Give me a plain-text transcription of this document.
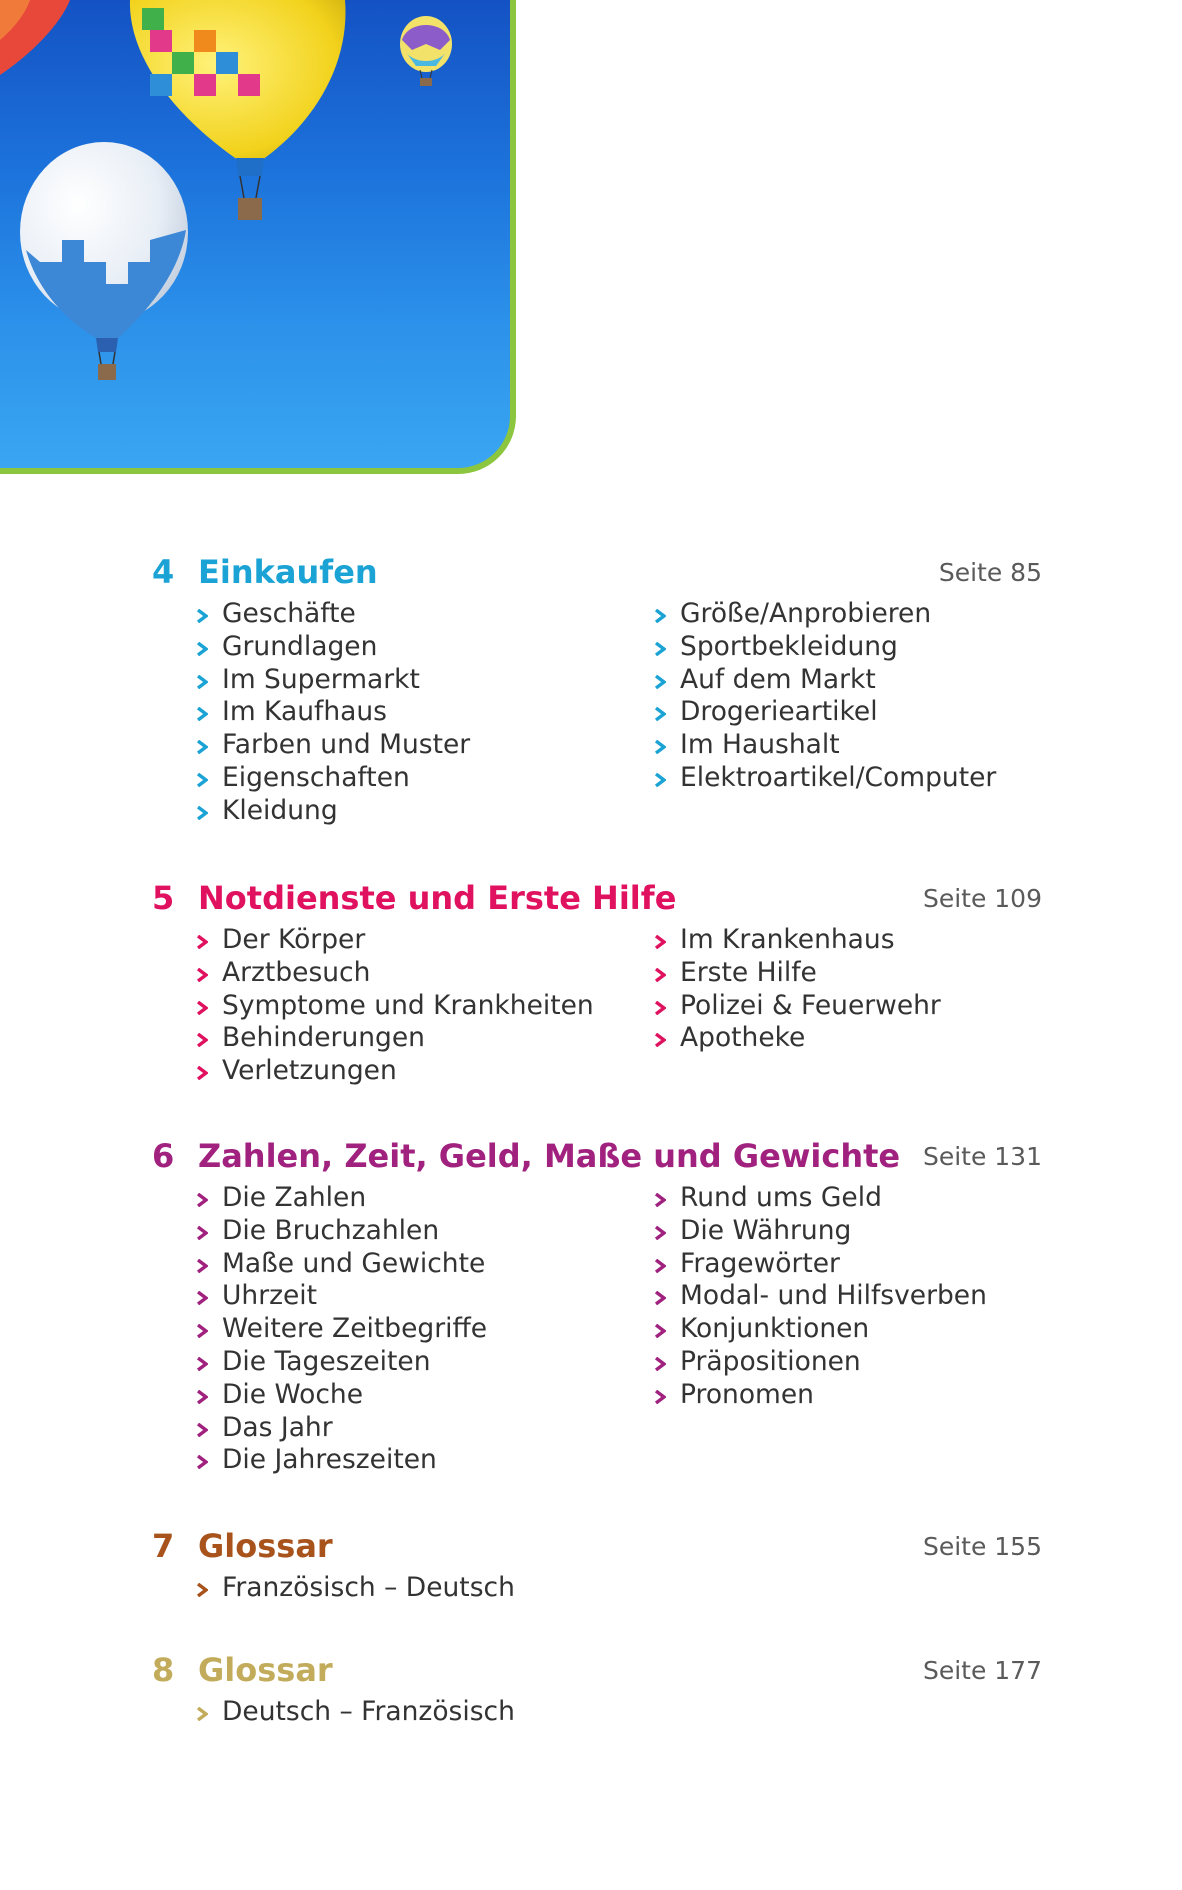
4 Einkaufen	Seite 85
Geschäfte
Grundlagen
Im Supermarkt
Im Kaufhaus
Farben und Muster
Eigenschaften
Kleidung
Größe/Anprobieren
Sportbekleidung
Auf dem Markt
Drogerieartikel
Im Haushalt
Elektroartikel/Computer
5 Notdienste und Erste Hilfe	Seite 109
Der Körper
Arztbesuch
Symptome und Krankheiten
Behinderungen
Verletzungen
Im Krankenhaus
Erste Hilfe
Polizei & Feuerwehr
Apotheke
6 Zahlen, Zeit, Geld, Maße und Gewichte Seite 131
Die Zahlen
Die Bruchzahlen
Maße und Gewichte
Uhrzeit
Weitere Zeitbegriffe
Die Tageszeiten
Die Woche
Das Jahr
Die Jahreszeiten
Rund ums Geld
Die Währung
Fragewörter
Modal- und Hilfsverben
Konjunktionen
Präpositionen
Pronomen
7 Glossar	Seite 155
Französisch – Deutsch
8 Glossar	Seite 177
Deutsch – Französisch
